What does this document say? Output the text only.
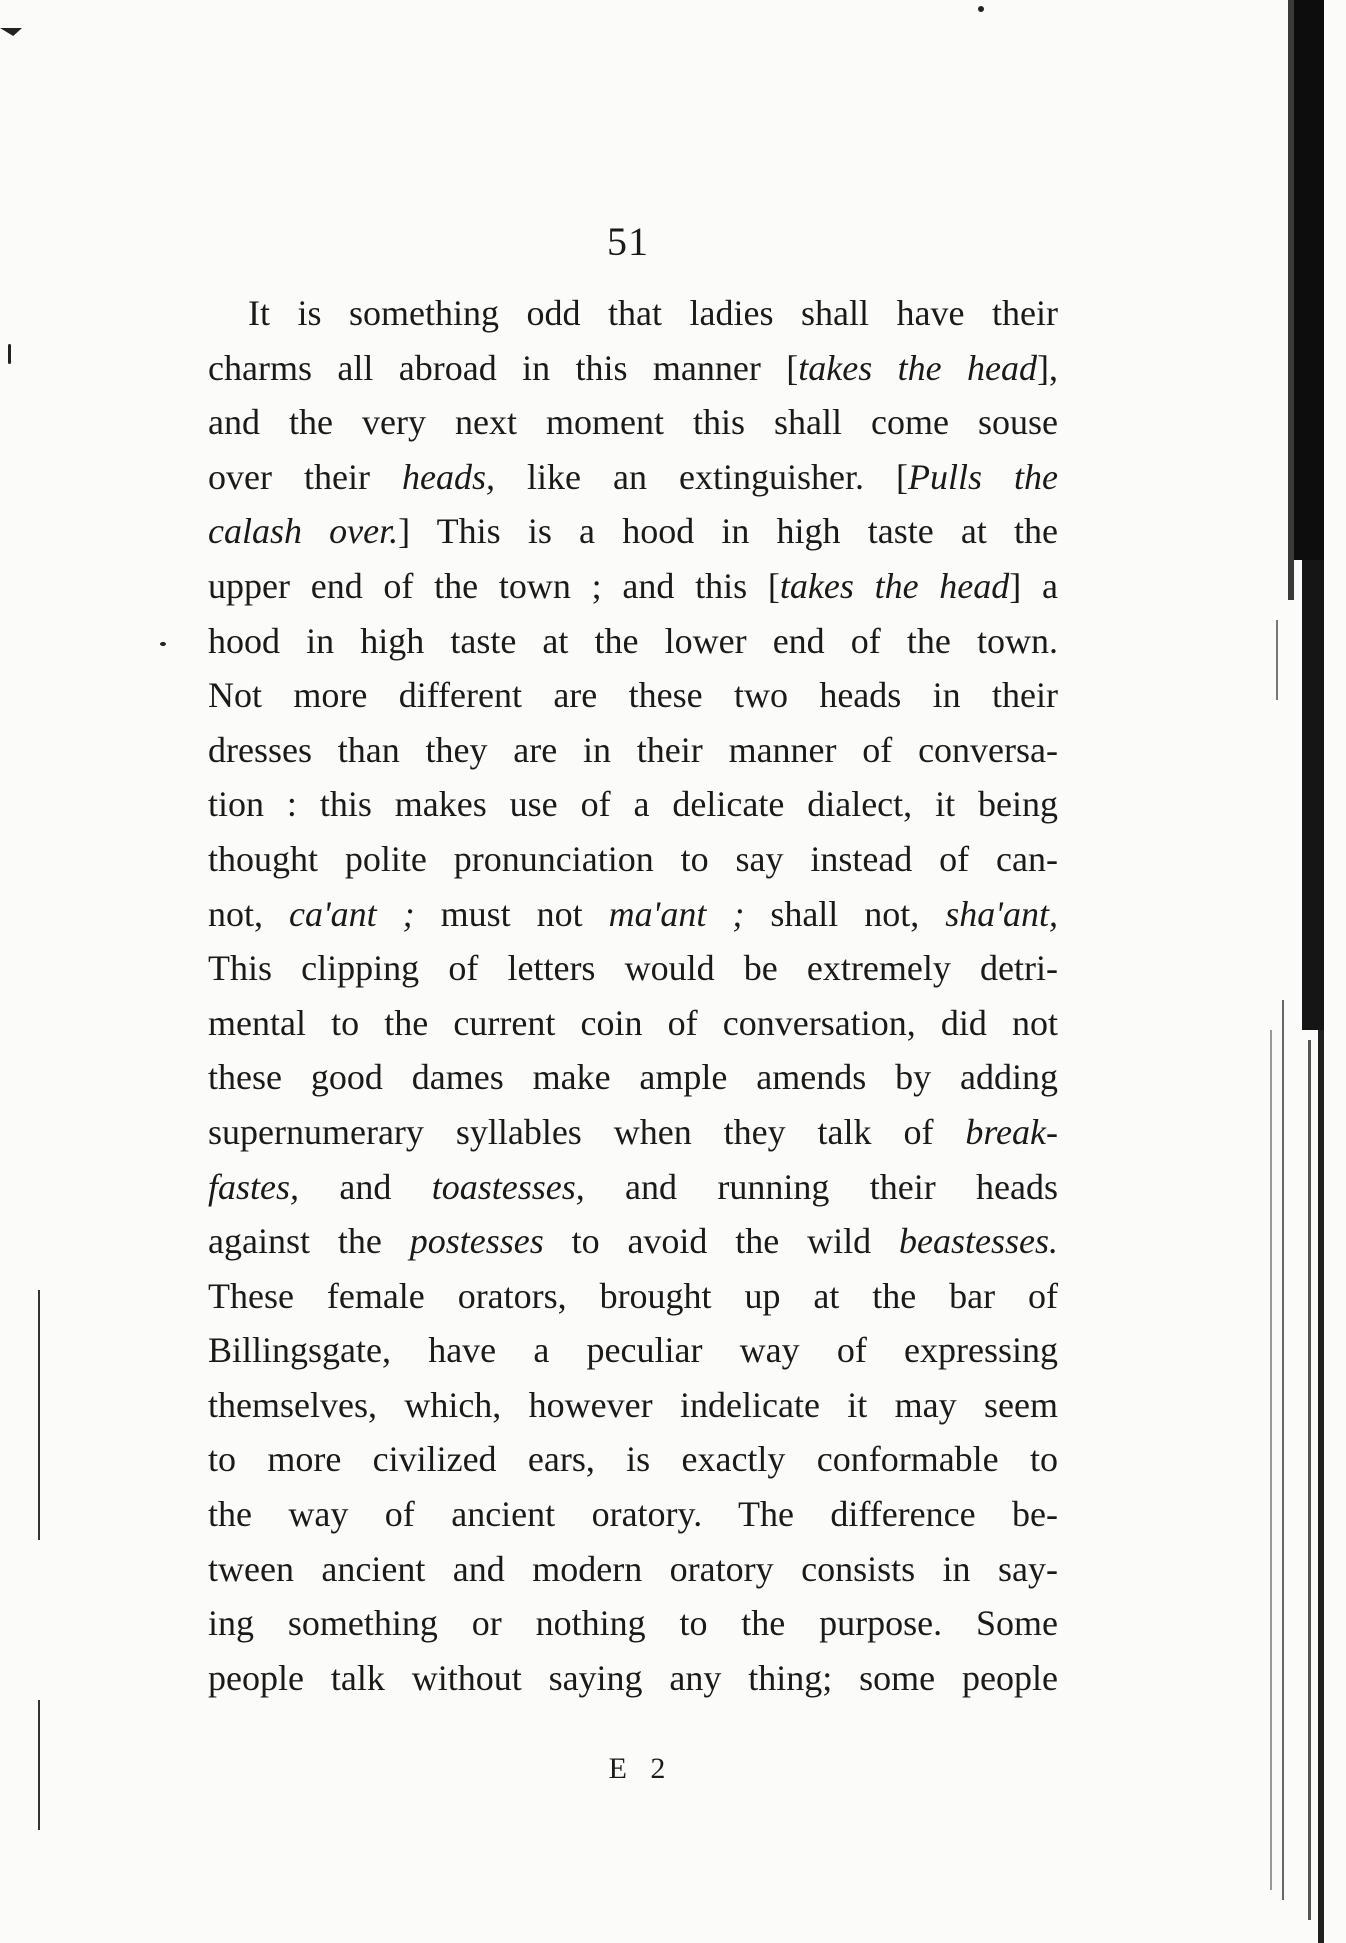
51
It is something odd that ladies shall have their
charms all abroad in this manner [takes the head],
and the very next moment this shall come souse
over their heads, like an extinguisher. [Pulls the
calash over.] This is a hood in high taste at the
upper end of the town ; and this [takes the head] a
hood in high taste at the lower end of the town.
Not more different are these two heads in their
dresses than they are in their manner of conversa-
tion : this makes use of a delicate dialect, it being
thought polite pronunciation to say instead of can-
not, ca'ant ; must not ma'ant ; shall not, sha'ant,
This clipping of letters would be extremely detri-
mental to the current coin of conversation, did not
these good dames make ample amends by adding
supernumerary syllables when they talk of break-
fastes, and toastesses, and running their heads
against the postesses to avoid the wild beastesses.
These female orators, brought up at the bar of
Billingsgate, have a peculiar way of expressing
themselves, which, however indelicate it may seem
to more civilized ears, is exactly conformable to
the way of ancient oratory. The difference be-
tween ancient and modern oratory consists in say-
ing something or nothing to the purpose. Some
people talk without saying any thing; some people
E 2
